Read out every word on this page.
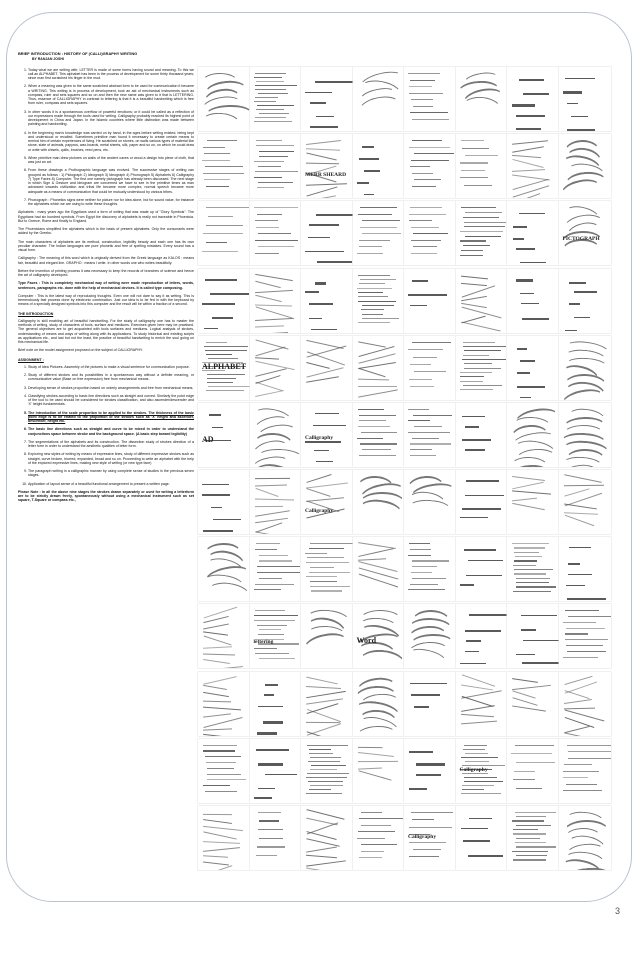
BRIEF INTRODUCTION : HISTORY OF (CALLI)GRAPHY WRITING
BY RANJAN JOSHI
1. Today what we are writing with; LETTER is made of some forms having sound and meaning. To this we call an ALPHABET. This alphabet has been in the process of development for some thirty thousand years; since man first scratched his finger in the mud.
2. When a meaning was given to the same scratched abstract form to be used for communication it became a WRITING. This writing is in process of development, took an aid of mechanical instruments such as compass, ruler and sets squares and so on and then the new name was given to it that is LETTERING. Thus, essence of CALLIGRAPHY in contrast to lettering is that it is a beautiful handwriting which is free from ruler, compass and sets squares.
3. In other words it is a spontaneous overflow of powerful emotions; or it could be called as a reflection of our expressions made through the tools used for writing. Calligraphy probably reached its highest point of development in China and Japan. In the Islamic countries where little distinction was made between painting and handwriting.
4. In the beginning man's knowledge was carried on by hand, in the ages before writing existed, being kept and understood or recalled. Sometimes primitive man found it necessary to create certain means to remind him of certain experiences of living. He scratched on stones, on walls various types of material like stone, slate of animals, papyrus, wax-boards, metal sheets, silk, paper and so on, on which he could draw or write with chisels, quills, brushes, reed pens, etc.
5. When primitive man drew pictures on walls of the ancient caves or wood a design into piece of cloth, that was just an art.
6. From these drawings a Prothographic language was evolved. The successive stages of writing can grouped as follows : 1) Pictograph 2) Ideograph 3) Ideograph 4) Phonograph 5) Alphabets 6) Calligraphy 7) Type Faces 8) Computer. The first one namely pictograph has already been discussed. The next stage in which Sign & Gesture and ideogram are concerned we have to see in the primitive times as man advanced towards civilization and tribal life became more complex, normal speech became more adequate as a means of communication that could be mutually understood by various tribes.
7. Phonograph : Phonetics signs were neither for picture nor for idea alone, but for sound value, for instance the alphabets which we are using to write these thoughts.

Alphabets : many years ago the Egyptians used a form of writing that was made up of "Glory Symbols". The Egyptians had six hundred symbols. From Egypt the discovery of alphabets is really not traceable in Phoenicia. But to Greece, Rome and finally to England.

The Phoenicians simplified the alphabets which is the basis of present alphabets. Only the consonants were added by the Greeks.

The main characters of alphabets are its method, construction, legibility beauty and each one has its own peculiar character. The Indian languages are pure phonetic and free of spelling mistakes. Every sound has a visual form.

Calligraphy : The meaning of this word which is originally derived from the Greek language as KALOS : means fair, beautiful and elegant line. GRAPHO : means I write. In other words one who writes beautifully.

Before the invention of printing process it was necessary to keep the records of branches of science and hence the art of calligraphy developed.

Type Faces : This is completely mechanical way of writing were made reproduction of letters, words, sentences, paragraphs etc. done with the help of mechanical devices. It is called type composing.

Computer : This is the latest way of reproducing thoughts. Even one will not dare to say it as writing. This is tremendously fast process done by electronic combination. Just our idea is to be fed in with the keyboard by means of a specially designed symbols into this computer and the result will be within a fraction of a second.

THE INTRODUCTION

Calligraphy is skill enabling art of beautiful handwriting. For the study of calligraphy one has to master the methods of writing, study of characters of tools, surface and mediums. Exercises given here may be practised. The general objectives are to get acquainted with tools surfaces and mediums. Logical analysis of strokes, understanding of means and ways of writing along with its applications. To study historical and existing scripts as applications etc., and last but not the least, the practice of beautiful handwriting to enrich the soul going on this mechanical life.

Brief note on the model assignment proposed on the subject of CALLIGRAPHY.

ASSIGNMENT :
1. Study of idea Pictures. Assembly of the pictures to make a visual sentence for communication purpose.
2. Study of different strokes and its possibilities in a spontaneous way without a definite meaning, or communicative value (Base on free expression) free from mechanical means.
3. Developing sense of strokes proportion based on orderly arrangements and free from mechanical means.
4. Classifying strokes according to basic line directions such as straight and curved. Similarly the point edge of the tool to be used should be considered for strokes classification, and also ascender/descender and 'X' height fundamentals.
5. The introduction of the scale proportion to be applied to the strokes. The thickness of the basic point edge is to be related to the proportion of the strokes such as 'X' height and ascender, descender, height etc.
6. The basic line directions such as straight and curve to be mixed in order to understand the conjunctions space between stroke and the background space. (A basic step toward legibility)
7. The segmentations of the alphabets and its construction. The dissection study of strokes direction of a letter form in order to understand the aesthetic qualities of letter form.
8. Exploring new styles of writing by means of expressive lines, study of different expressive strokes such as straight, curve broken, blurred, expanded, broad and so on. Proceeding to write an alphabet with the help of the explored expressive lines, making new style of writing (or new type face)
9. The paragraph writing in a calligraphic manner by using complete sense of studies in the previous seven stages.
10. Application of layout sense of a beautiful functional arrangement to present a written page.

Please Note : In all the above nine stages the strokes drawn separately or used for writing a letterform are to be strictly drawn freely, spontaneously without using a mechanical instrument such as set square, T-Square or compass etc.,

MERR SHEARD
PICTOGRAPH
ALPHABET
AD	Calligraphy
Calligraphy
lettering	Word
Calligraphy
Calligraphy
3
